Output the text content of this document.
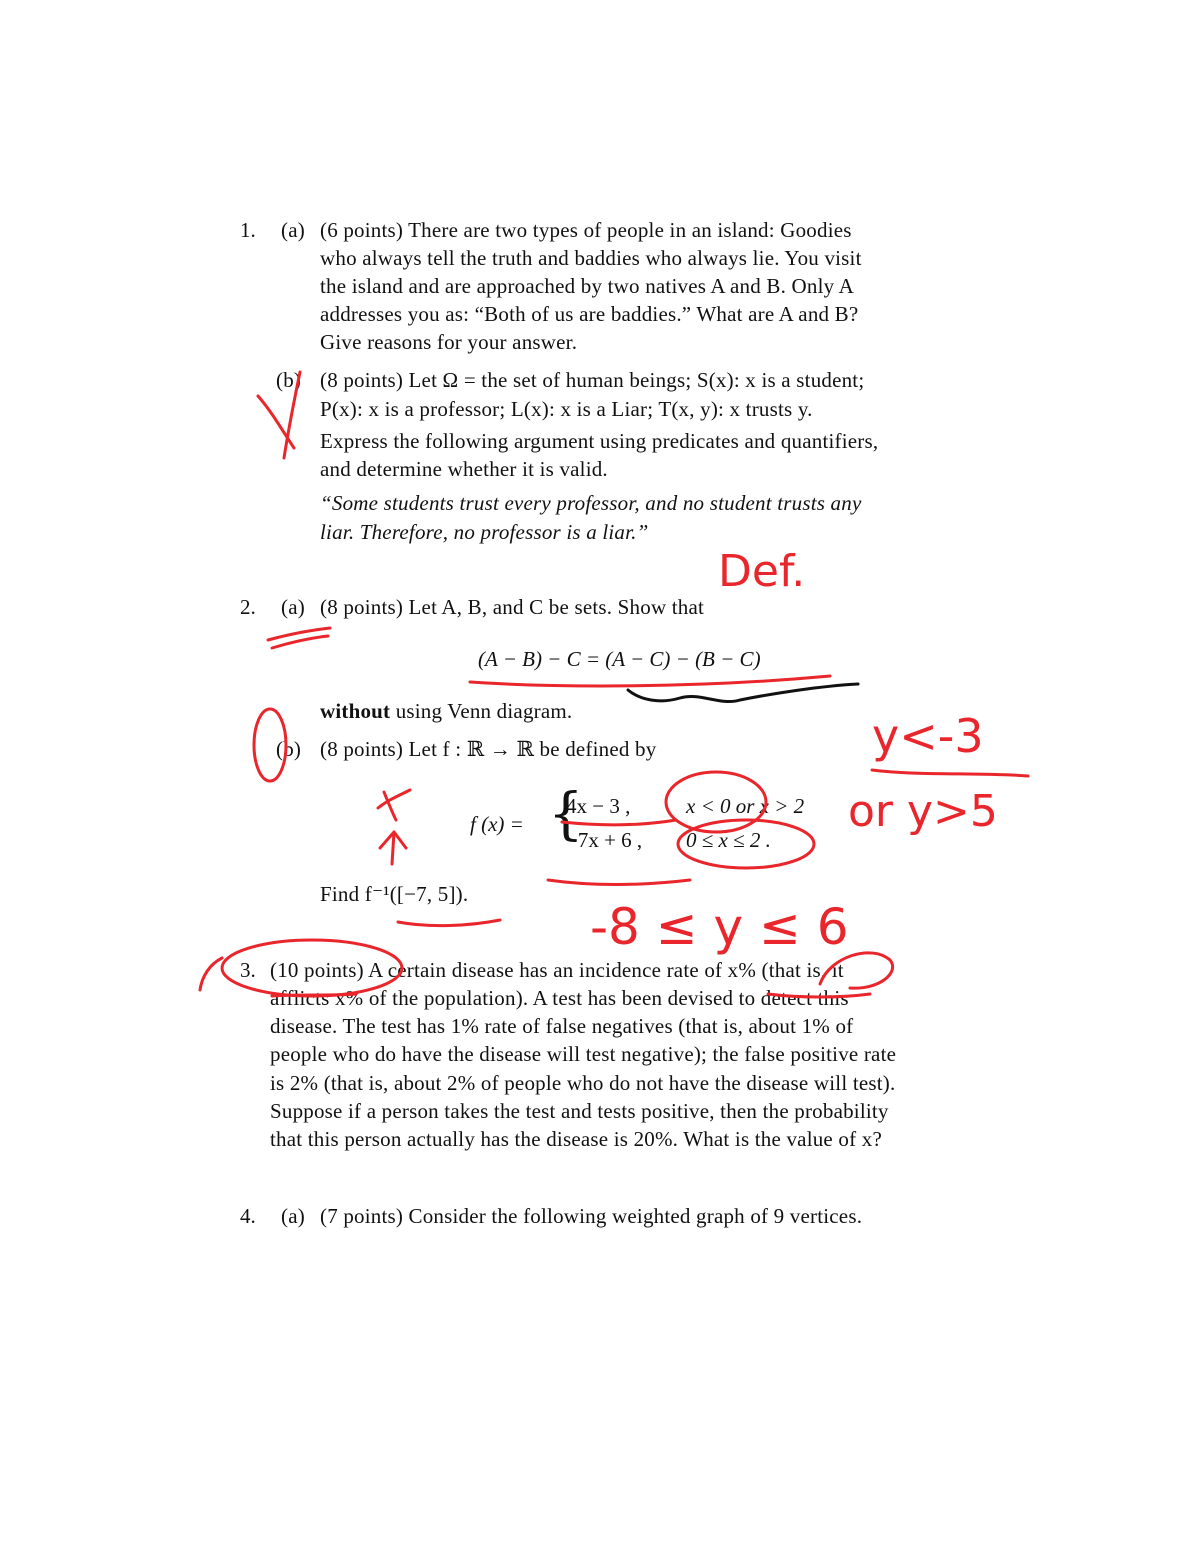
1. (a) (6 points) There are two types of people in an island: Goodies
who always tell the truth and baddies who always lie. You visit
the island and are approached by two natives A and B. Only A
addresses you as: “Both of us are baddies.” What are A and B?
Give reasons for your answer.
(b) (8 points) Let Ω = the set of human beings; S(x): x is a student;
P(x): x is a professor; L(x): x is a Liar; T(x, y): x trusts y.
Express the following argument using predicates and quantifiers,
and determine whether it is valid.
“Some students trust every professor, and no student trusts any
liar. Therefore, no professor is a liar.”
2. (a) (8 points) Let A, B, and C be sets. Show that
(A − B) − C = (A − C) − (B − C)
without using Venn diagram.
(b) (8 points) Let f : ℝ → ℝ be defined by
f (x) = {
4x − 3 ,	x < 0 or x > 2
−7x + 6 , 0 ≤ x ≤ 2 .
Find f⁻¹([−7, 5]).
3. (10 points) A certain disease has an incidence rate of x% (that is, it
afflicts x% of the population). A test has been devised to detect this
disease. The test has 1% rate of false negatives (that is, about 1% of
people who do have the disease will test negative); the false positive rate
is 2% (that is, about 2% of people who do not have the disease will test).
Suppose if a person takes the test and tests positive, then the probability
that this person actually has the disease is 20%. What is the value of x?
4. (a) (7 points) Consider the following weighted graph of 9 vertices.
Def.
y<-3
or y>5
-8 ≤ y ≤ 6
